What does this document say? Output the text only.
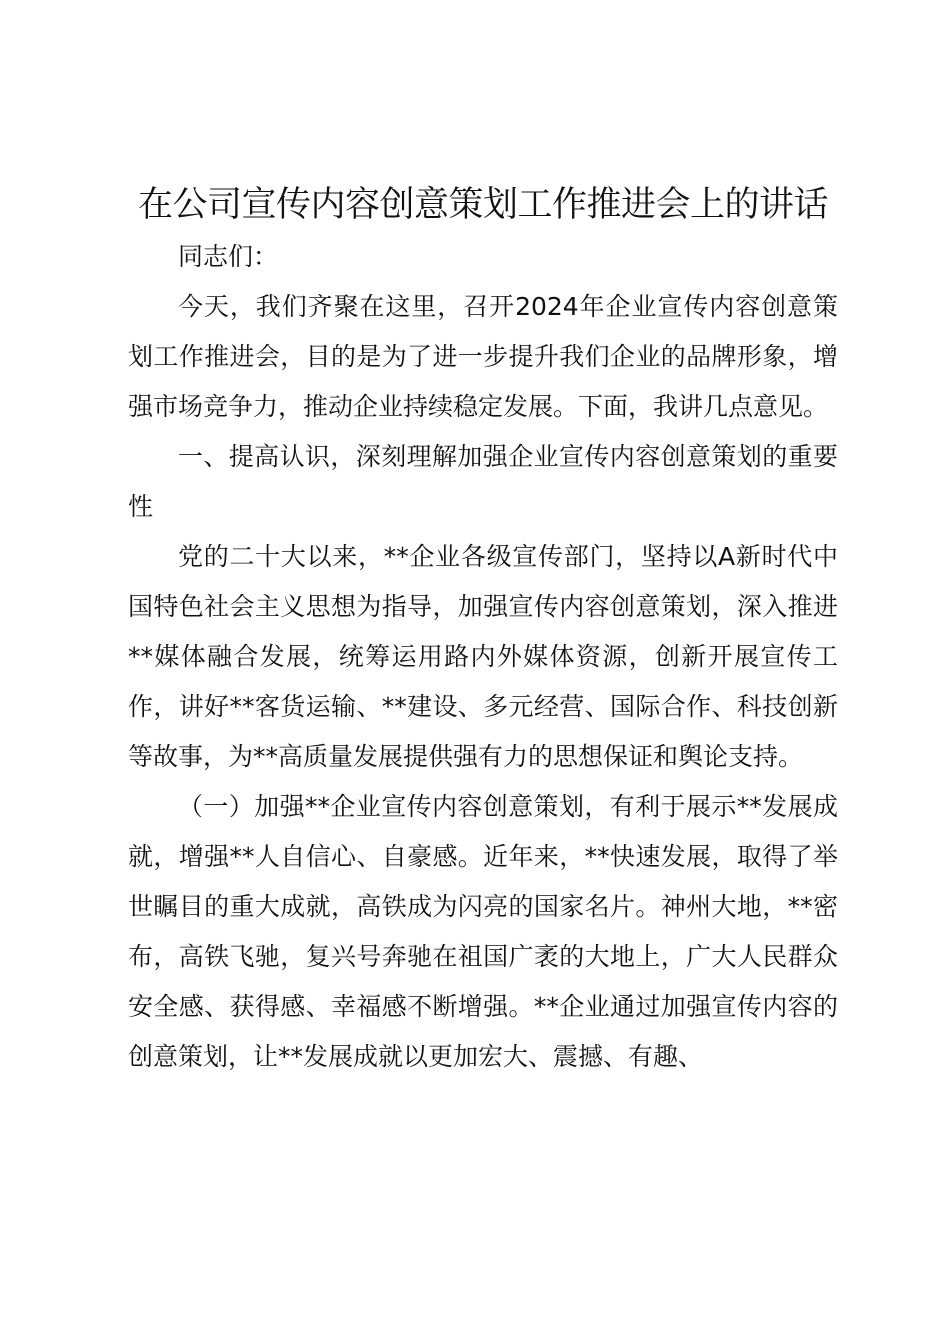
在公司宣传内容创意策划工作推进会上的讲话

同志们：

今天，我们齐聚在这里，召开2024年企业宣传内容创意策划工作推进会，目的是为了进一步提升我们企业的品牌形象，增强市场竞争力，推动企业持续稳定发展。下面，我讲几点意见。

一、提高认识，深刻理解加强企业宣传内容创意策划的重要性

党的二十大以来，**企业各级宣传部门，坚持以A新时代中国特色社会主义思想为指导，加强宣传内容创意策划，深入推进**媒体融合发展，统筹运用路内外媒体资源，创新开展宣传工作，讲好**客货运输、**建设、多元经营、国际合作、科技创新等故事，为**高质量发展提供强有力的思想保证和舆论支持。

（一）加强**企业宣传内容创意策划，有利于展示**发展成就，增强**人自信心、自豪感。近年来，**快速发展，取得了举世瞩目的重大成就，高铁成为闪亮的国家名片。神州大地，**密布，高铁飞驰，复兴号奔驰在祖国广袤的大地上，广大人民群众安全感、获得感、幸福感不断增强。**企业通过加强宣传内容的创意策划，让**发展成就以更加宏大、震撼、有趣、
